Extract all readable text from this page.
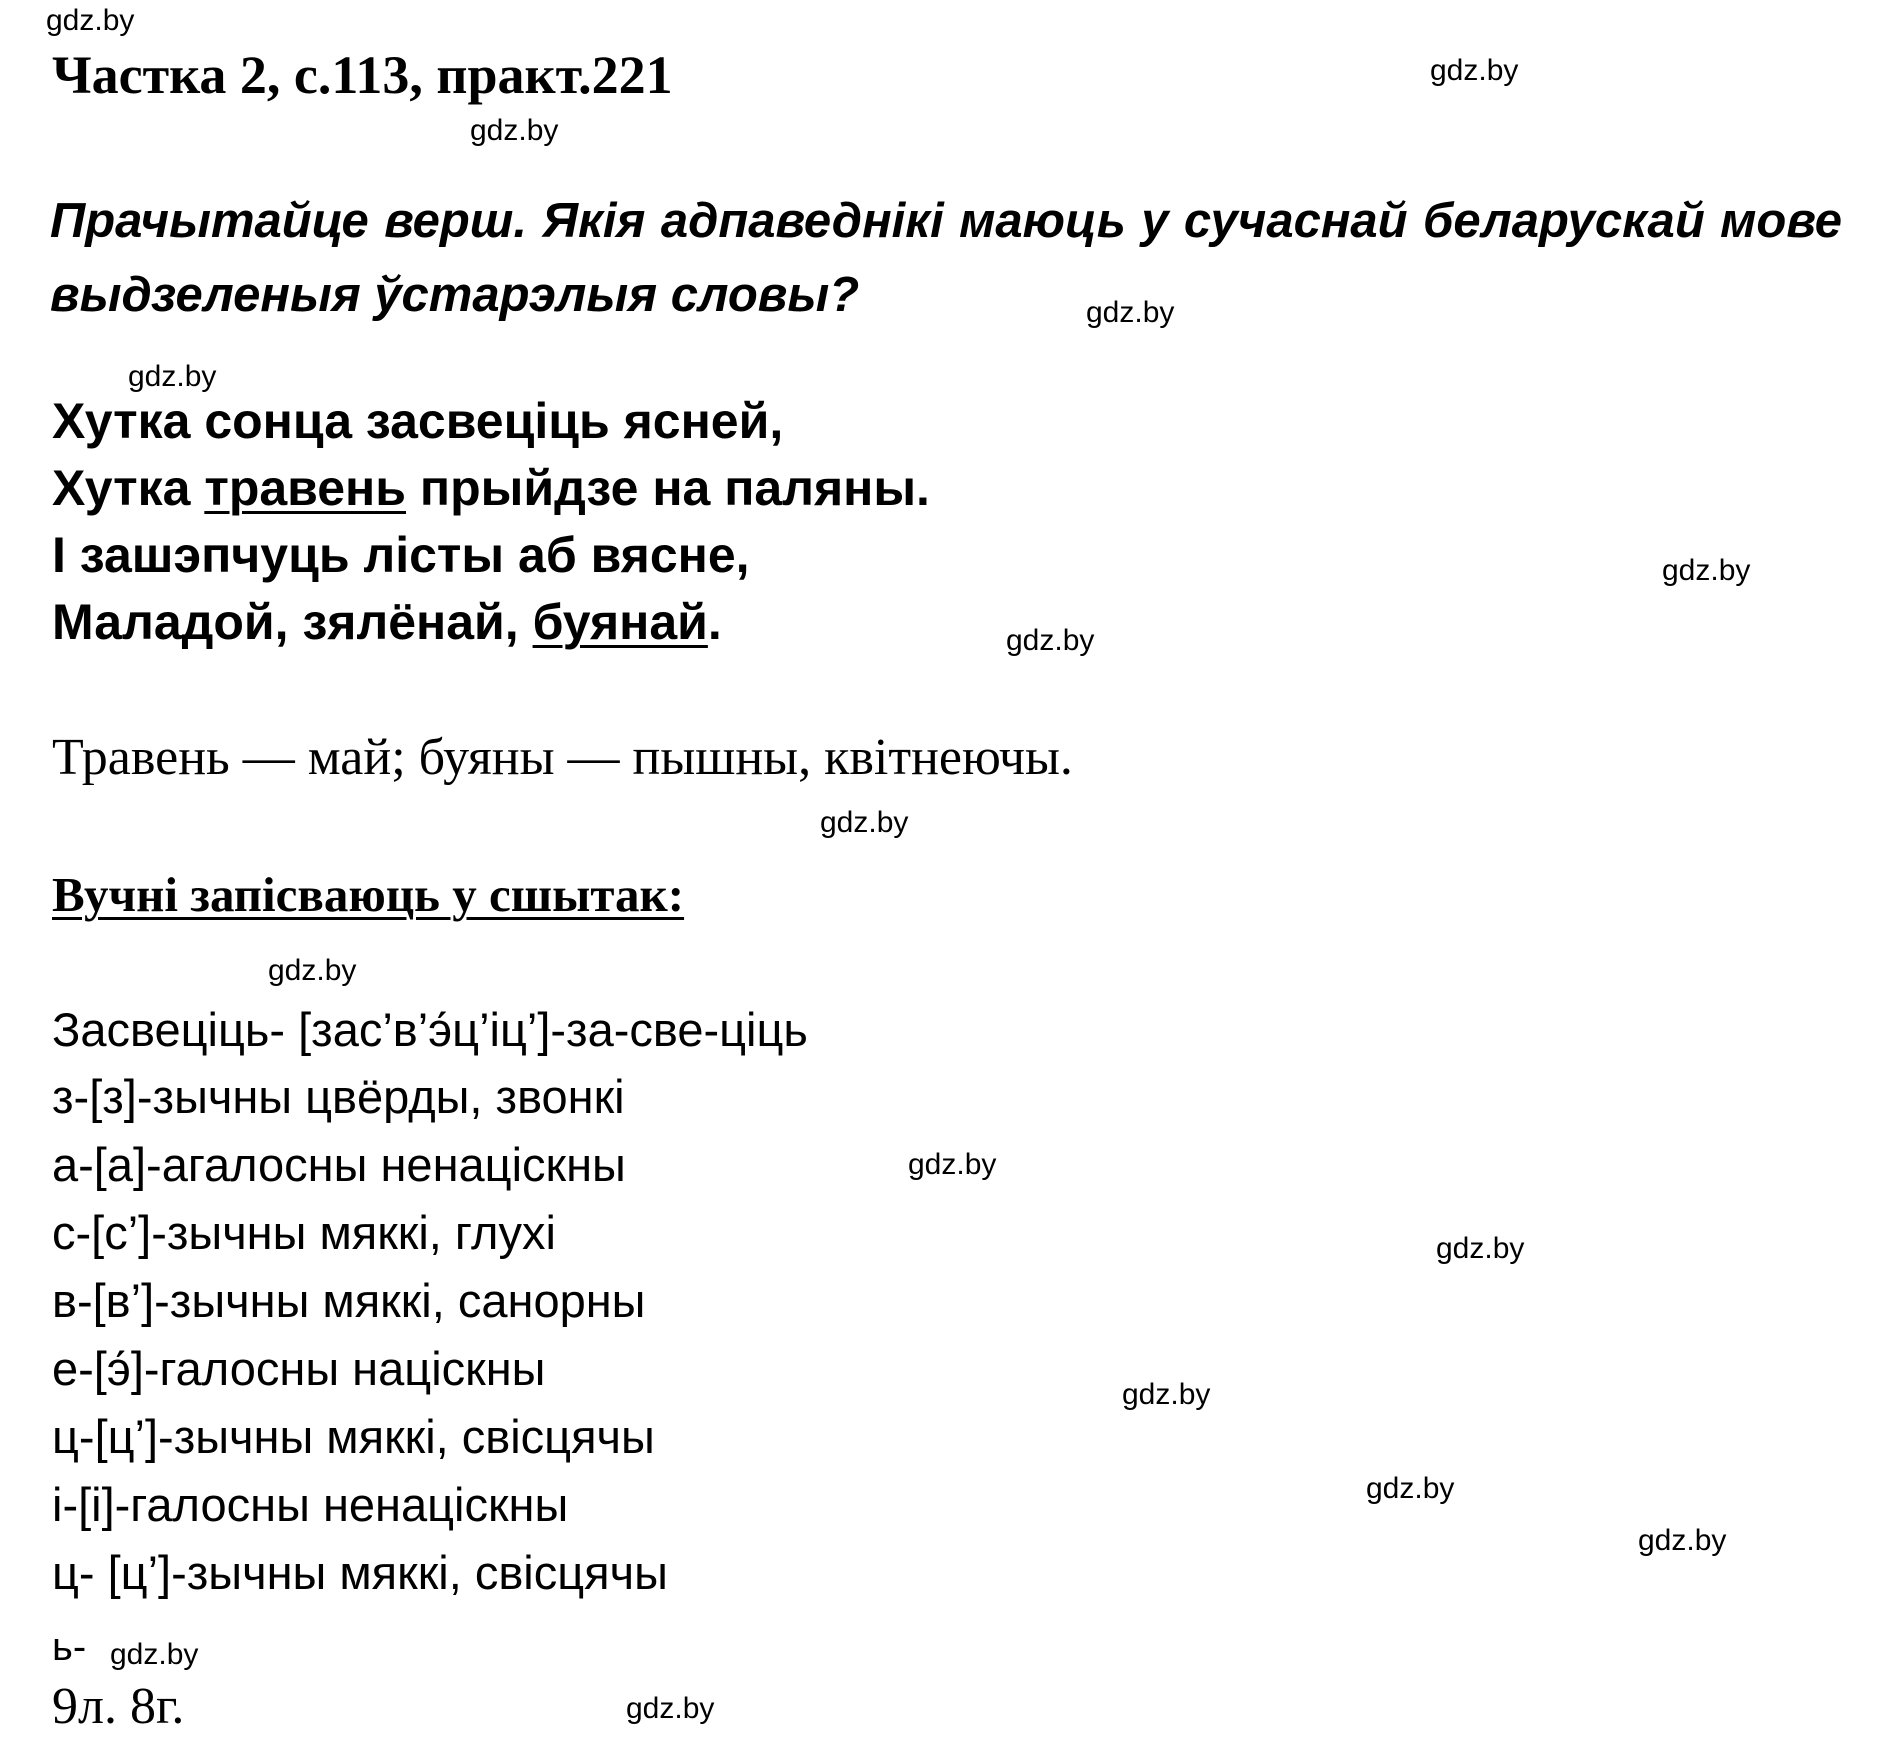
gdz.by
gdz.by
gdz.by
gdz.by
gdz.by
gdz.by
gdz.by
gdz.by
gdz.by
gdz.by
gdz.by
gdz.by
gdz.by
gdz.by
gdz.by
gdz.by
Частка 2, с.113, практ.221
Прачытайце верш. Якія адпаведнікі маюць у сучаснай беларускай мове выдзеленыя ўстарэлыя словы?
Хутка сонца засвеціць ясней,
Хутка травень прыйдзе на паляны.
І зашэпчуць лісты аб вясне,
Маладой, зялёнай, буянай.
Травень — май; буяны — пышны, квітнеючы.
Вучні запісваюць у сшытак:
Засвеціць- [зас’в’э́ц’іц’]-за-све-ціць
з-[з]-зычны цвёрды, звонкі
а-[а]-агалосны ненаціскны
с-[с’]-зычны мяккі, глухі
в-[в’]-зычны мяккі, санорны
е-[э́]-галосны націскны
ц-[ц’]-зычны мяккі, свісцячы
і-[і]-галосны ненаціскны
ц- [ц’]-зычны мяккі, свісцячы
ь-
9л. 8г.
